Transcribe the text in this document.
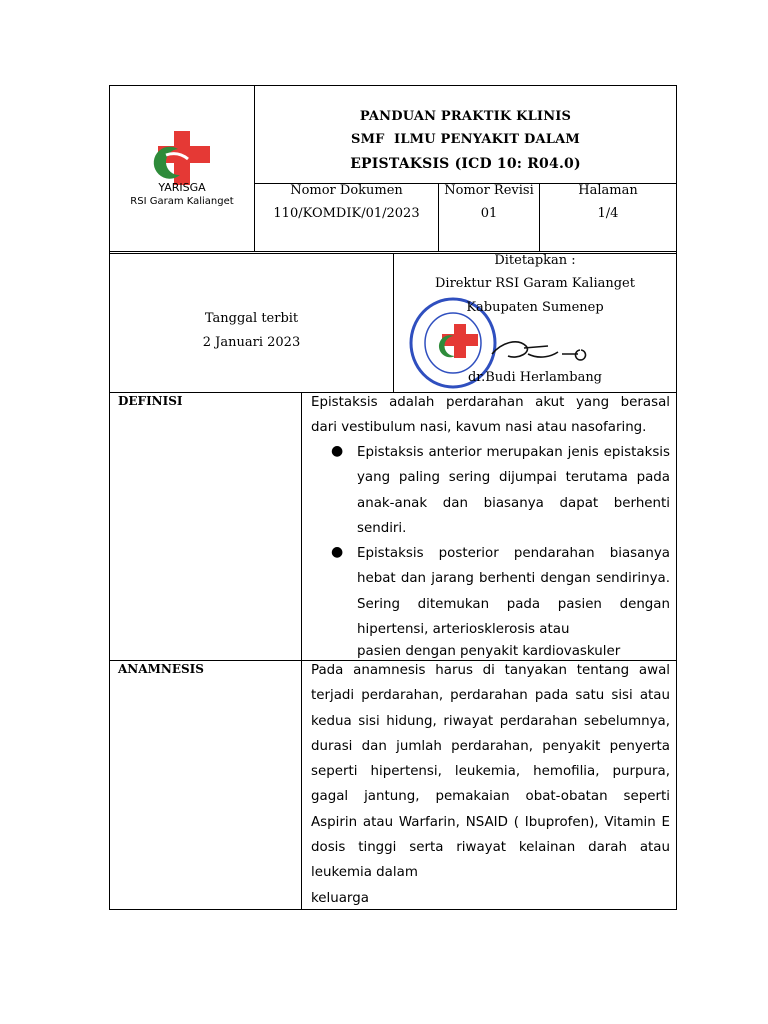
YARISGA
RSI Garam Kalianget
PANDUAN PRAKTIK KLINIS
SMF  ILMU PENYAKIT DALAM
EPISTAKSIS (ICD 10: R04.0)
Nomor Dokumen
110/KOMDIK/01/2023
Nomor Revisi
01
Halaman
1/4
Tanggal terbit
2 Januari 2023
Ditetapkan :
Direktur RSI Garam Kalianget
Kabupaten Sumenep
dr.Budi Herlambang
DEFINISI	Epistaksis adalah perdarahan akut yang berasal
dari vestibulum nasi, kavum nasi atau nasofaring.
● Epistaksis anterior merupakan jenis epistaksis
yang paling sering dijumpai terutama pada
anak-anak dan biasanya dapat berhenti
sendiri.
● Epistaksis posterior pendarahan biasanya
hebat dan jarang berhenti dengan sendirinya.
Sering ditemukan pada pasien dengan
hipertensi, arteriosklerosis atau
pasien dengan penyakit kardiovaskuler
ANAMNESIS	Pada anamnesis harus di tanyakan tentang awal
terjadi perdarahan, perdarahan pada satu sisi atau
kedua sisi hidung, riwayat perdarahan sebelumnya,
durasi dan jumlah perdarahan, penyakit penyerta
seperti hipertensi, leukemia, hemofilia, purpura,
gagal jantung, pemakaian obat-obatan seperti
Aspirin atau Warfarin, NSAID ( Ibuprofen), Vitamin E
dosis tinggi serta riwayat kelainan darah atau
leukemia dalam
keluarga
